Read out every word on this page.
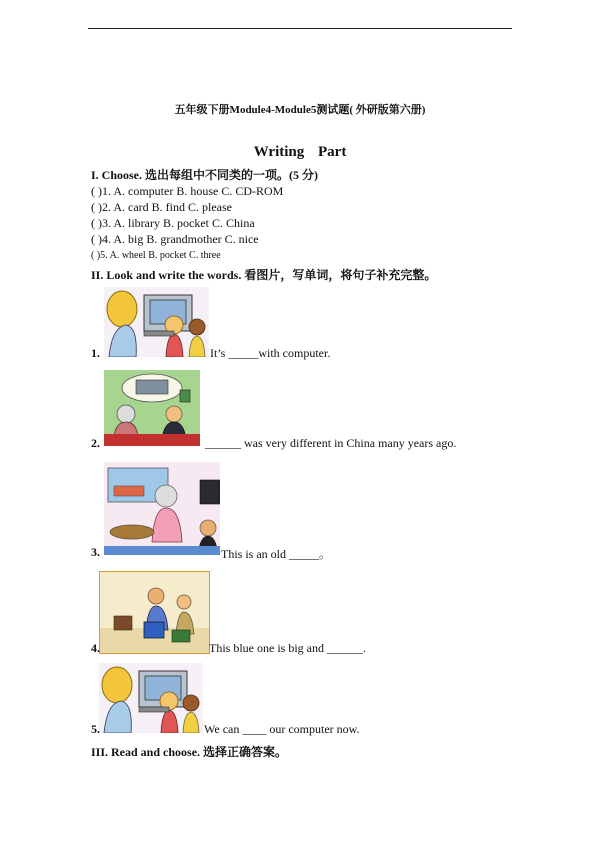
五年级下册Module4-Module5测试题( 外研版第六册)
Writing Part
I. Choose. 选出每组中不同类的一项。(5 分)
( )1. A. computer B. house C. CD-ROM
( )2. A. card B. find C. please
( )3. A. library B. pocket C. China
( )4. A. big B. grandmother C. nice
( )5. A. wheel B. pocket C. three
II. Look and write the words. 看图片，写单词，将句子补充完整。
1.	It’s _____with computer.
2.	______ was very different in China many years ago.
3.	This is an old _____。
4.	This blue one is big and ______.
5.	We can ____ our computer now.
III. Read and choose. 选择正确答案。
